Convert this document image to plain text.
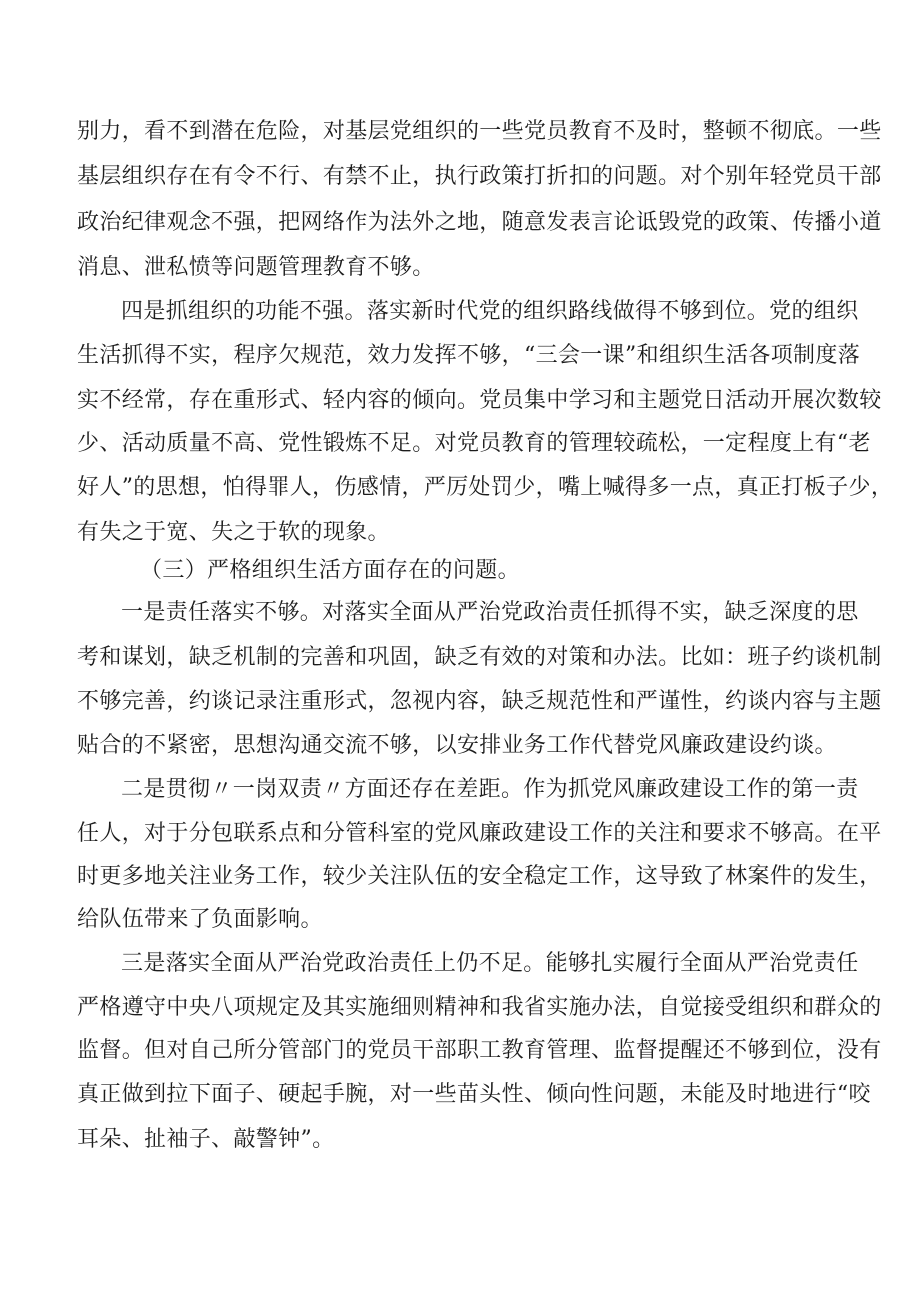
别力，看不到潜在危险，对基层党组织的一些党员教育不及时，整顿不彻底。一些
基层组织存在有令不行、有禁不止，执行政策打折扣的问题。对个别年轻党员干部
政治纪律观念不强，把网络作为法外之地，随意发表言论诋毁党的政策、传播小道
消息、泄私愤等问题管理教育不够。
四是抓组织的功能不强。落实新时代党的组织路线做得不够到位。党的组织
生活抓得不实，程序欠规范，效力发挥不够，“三会一课”和组织生活各项制度落
实不经常，存在重形式、轻内容的倾向。党员集中学习和主题党日活动开展次数较
少、活动质量不高、党性锻炼不足。对党员教育的管理较疏松，一定程度上有“老
好人”的思想，怕得罪人，伤感情，严厉处罚少，嘴上喊得多一点，真正打板子少，
有失之于宽、失之于软的现象。
（三）严格组织生活方面存在的问题。
一是责任落实不够。对落实全面从严治党政治责任抓得不实，缺乏深度的思
考和谋划，缺乏机制的完善和巩固，缺乏有效的对策和办法。比如：班子约谈机制
不够完善，约谈记录注重形式，忽视内容，缺乏规范性和严谨性，约谈内容与主题
贴合的不紧密，思想沟通交流不够，以安排业务工作代替党风廉政建设约谈。
二是贯彻〃一岗双责〃方面还存在差距。作为抓党风廉政建设工作的第一责
任人，对于分包联系点和分管科室的党风廉政建设工作的关注和要求不够高。在平
时更多地关注业务工作，较少关注队伍的安全稳定工作，这导致了林案件的发生，
给队伍带来了负面影响。
三是落实全面从严治党政治责任上仍不足。能够扎实履行全面从严治党责任
严格遵守中央八项规定及其实施细则精神和我省实施办法，自觉接受组织和群众的
监督。但对自己所分管部门的党员干部职工教育管理、监督提醒还不够到位，没有
真正做到拉下面子、硬起手腕，对一些苗头性、倾向性问题，未能及时地进行“咬
耳朵、扯袖子、敲警钟”。
